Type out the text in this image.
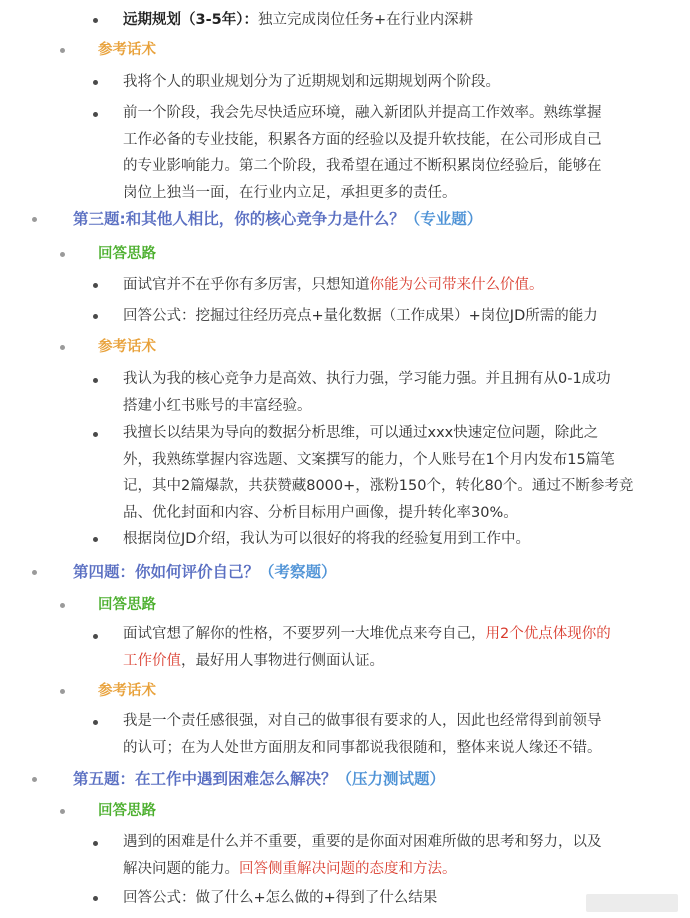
远期规划（3-5年）：独立完成岗位任务+在行业内深耕
参考话术
我将个人的职业规划分为了近期规划和远期规划两个阶段。
前一个阶段，我会先尽快适应环境，融入新团队并提高工作效率。熟练掌握
工作必备的专业技能，积累各方面的经验以及提升软技能，在公司形成自己
的专业影响能力。第二个阶段，我希望在通过不断积累岗位经验后，能够在
岗位上独当一面，在行业内立足，承担更多的责任。
第三题:和其他人相比，你的核心竞争力是什么？（专业题）
回答思路
面试官并不在乎你有多厉害，只想知道你能为公司带来什么价值。
回答公式：挖掘过往经历亮点+量化数据（工作成果）+岗位JD所需的能力
参考话术
我认为我的核心竞争力是高效、执行力强，学习能力强。并且拥有从0-1成功
搭建小红书账号的丰富经验。
我擅长以结果为导向的数据分析思维，可以通过xxx快速定位问题，除此之
外，我熟练掌握内容选题、文案撰写的能力，个人账号在1个月内发布15篇笔
记，其中2篇爆款，共获赞藏8000+，涨粉150个，转化80个。通过不断参考竞
品、优化封面和内容、分析目标用户画像，提升转化率30%。
根据岗位JD介绍，我认为可以很好的将我的经验复用到工作中。
第四题：你如何评价自己？（考察题）
回答思路
面试官想了解你的性格，不要罗列一大堆优点来夸自己，用2个优点体现你的
工作价值，最好用人事物进行侧面认证。
参考话术
我是一个责任感很强，对自己的做事很有要求的人，因此也经常得到前领导
的认可；在为人处世方面朋友和同事都说我很随和，整体来说人缘还不错。
第五题：在工作中遇到困难怎么解决？（压力测试题）
回答思路
遇到的困难是什么并不重要，重要的是你面对困难所做的思考和努力，以及
解决问题的能力。回答侧重解决问题的态度和方法。
回答公式：做了什么+怎么做的+得到了什么结果
